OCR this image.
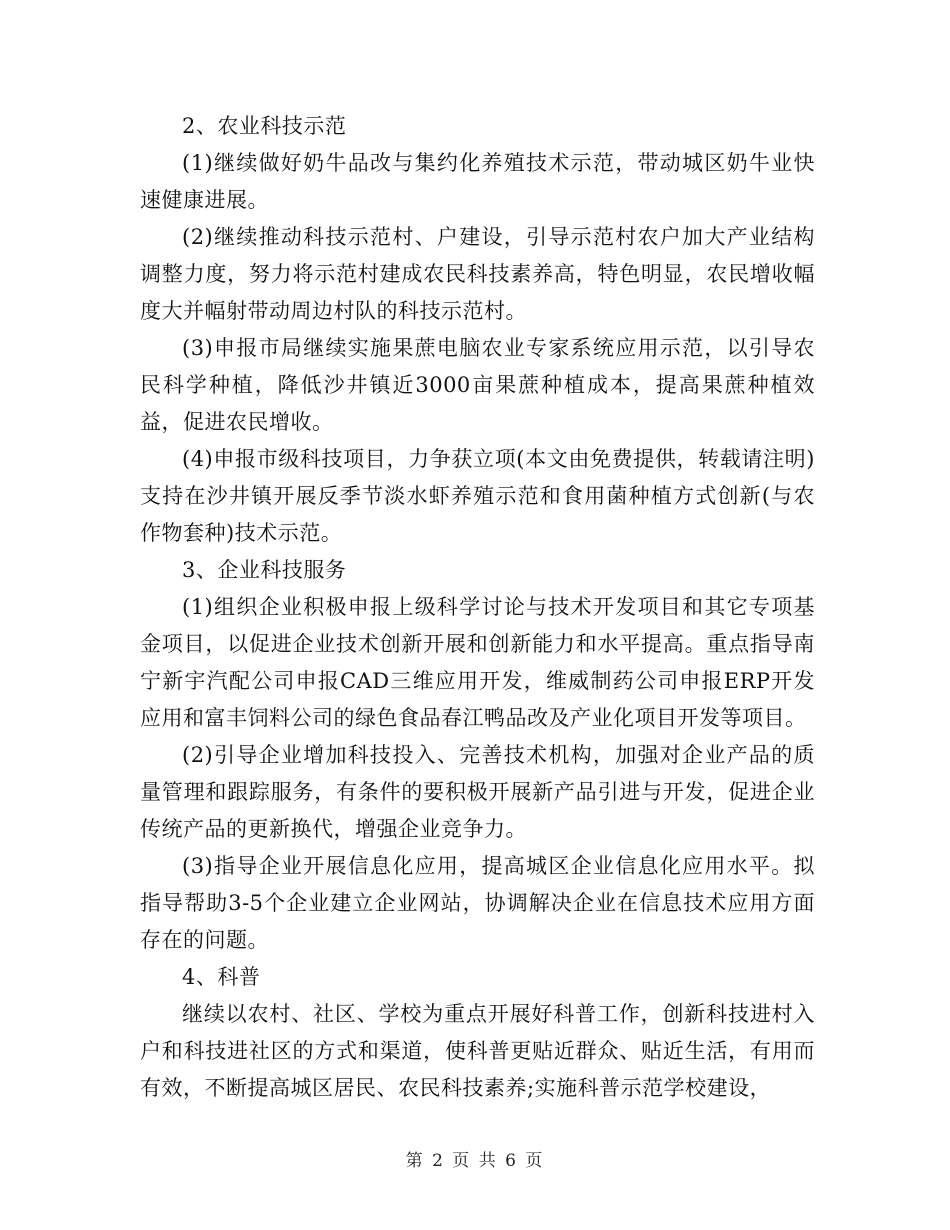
2、农业科技示范

(1)继续做好奶牛品改与集约化养殖技术示范，带动城区奶牛业快速健康进展。

(2)继续推动科技示范村、户建设，引导示范村农户加大产业结构调整力度，努力将示范村建成农民科技素养高，特色明显，农民增收幅度大并幅射带动周边村队的科技示范村。

(3)申报市局继续实施果蔗电脑农业专家系统应用示范，以引导农民科学种植，降低沙井镇近3000亩果蔗种植成本，提高果蔗种植效益，促进农民增收。

(4)申报市级科技项目，力争获立项(本文由免费提供，转载请注明)支持在沙井镇开展反季节淡水虾养殖示范和食用菌种植方式创新(与农作物套种)技术示范。

3、企业科技服务

(1)组织企业积极申报上级科学讨论与技术开发项目和其它专项基金项目，以促进企业技术创新开展和创新能力和水平提高。重点指导南宁新宇汽配公司申报CAD三维应用开发，维威制药公司申报ERP开发应用和富丰饲料公司的绿色食品春江鸭品改及产业化项目开发等项目。

(2)引导企业增加科技投入、完善技术机构，加强对企业产品的质量管理和跟踪服务，有条件的要积极开展新产品引进与开发，促进企业传统产品的更新换代，增强企业竞争力。

(3)指导企业开展信息化应用，提高城区企业信息化应用水平。拟指导帮助3-5个企业建立企业网站，协调解决企业在信息技术应用方面存在的问题。

4、科普

继续以农村、社区、学校为重点开展好科普工作，创新科技进村入户和科技进社区的方式和渠道，使科普更贴近群众、贴近生活，有用而有效，不断提高城区居民、农民科技素养;实施科普示范学校建设，

第 2 页 共 6 页
